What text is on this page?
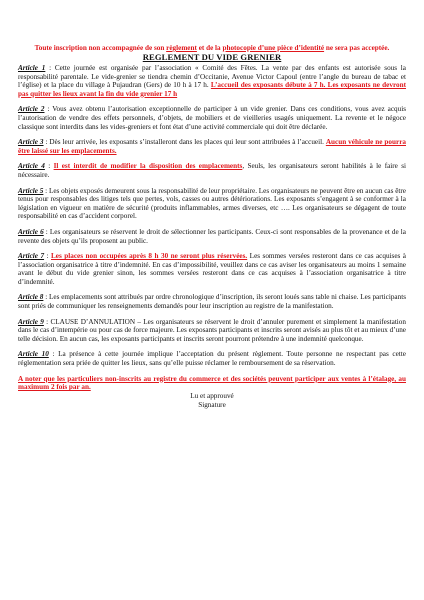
Toute inscription non accompagnée de son règlement et de la photocopie d’une pièce d’identité ne sera pas acceptée.

REGLEMENT DU VIDE GRENIER

Article 1 : Cette journée est organisée par l’association « Comité des Fêtes. La vente par des enfants est autorisée sous la responsabilité parentale. Le vide-grenier se tiendra chemin d’Occitanie, Avenue Victor Capoul (entre l’angle du bureau de tabac et l’église) et la place du village à Pujaudran (Gers) de 10 h à 17 h. L’accueil des exposants débute à 7 h. Les exposants ne devront pas quitter les lieux avant la fin du vide grenier 17 h

Article 2 : Vous avez obtenu l’autorisation exceptionnelle de participer à un vide grenier. Dans ces conditions, vous avez acquis l’autorisation de vendre des effets personnels, d’objets, de mobiliers et de vieilleries usagés uniquement. La revente et le négoce classique sont interdits dans les vides-greniers et font état d’une activité commerciale qui doit être déclarée.

Article 3 : Dès leur arrivée, les exposants s’installeront dans les places qui leur sont attribuées à l’accueil. Aucun véhicule ne pourra être laissé sur les emplacements.

Article 4 : Il est interdit de modifier la disposition des emplacements, Seuls, les organisateurs seront habilités à le faire si nécessaire.

Article 5 : Les objets exposés demeurent sous la responsabilité de leur propriétaire. Les organisateurs ne peuvent être en aucun cas être tenus pour responsables des litiges tels que pertes, vols, casses ou autres détériorations. Les exposants s’engagent à se conformer à la législation en vigueur en matière de sécurité (produits inflammables, armes diverses, etc …. Les organisateurs se dégagent de toute responsabilité en cas d’accident corporel.

Article 6 : Les organisateurs se réservent le droit de sélectionner les participants. Ceux-ci sont responsables de la provenance et de la revente des objets qu’ils proposent au public.

Article 7 : Les places non occupées après 8 h 30 ne seront plus réservées. Les sommes versées resteront dans ce cas acquises à l’association organisatrice à titre d’indemnité. En cas d’impossibilité, veuillez dans ce cas aviser les organisateurs au moins 1 semaine avant le début du vide grenier sinon, les sommes versées resteront dans ce cas acquises à l’association organisatrice à titre d’indemnité.

Article 8 : Les emplacements sont attribués par ordre chronologique d’inscription, ils seront loués sans table ni chaise. Les participants sont priés de communiquer les renseignements demandés pour leur inscription au registre de la manifestation.

Article 9 : CLAUSE D’ANNULATION – Les organisateurs se réservent le droit d’annuler purement et simplement la manifestation dans le cas d’intempérie ou pour cas de force majeure. Les exposants participants et inscrits seront avisés au plus tôt et au mieux d’une telle décision. En aucun cas, les exposants participants et inscrits seront pourront prétendre à une indemnité quelconque.

Article 10 : La présence à cette journée implique l’acceptation du présent règlement. Toute personne ne respectant pas cette réglementation sera priée de quitter les lieux, sans qu’elle puisse réclamer le remboursement de sa réservation.

A noter que les particuliers non-inscrits au registre du commerce et des sociétés peuvent participer aux ventes à l’étalage, au maximum 2 fois par an.

Lu et approuvé

Signature
